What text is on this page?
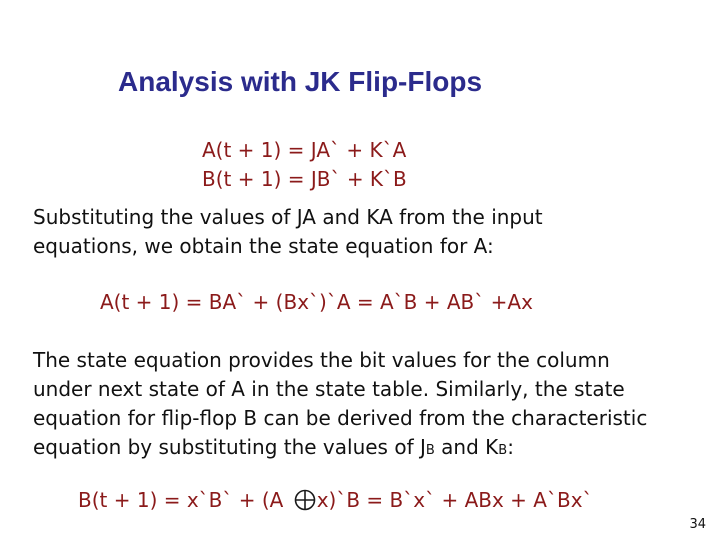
Analysis with JK Flip-Flops
A(t + 1) = JA` + K`A
B(t + 1) = JB` + K`B
Substituting the values of JA and KA from the input
equations, we obtain the state equation for A:
A(t + 1) = BA` + (Bx`)`A = A`B + AB` +Ax
The state equation provides the bit values for the column
under next state of A in the state table. Similarly, the state
equation for flip-flop B can be derived from the characteristic
equation by substituting the values of JB and KB:
B(t + 1) = x`B` + (A x)`B = B`x` + ABx + A`Bx`
34
